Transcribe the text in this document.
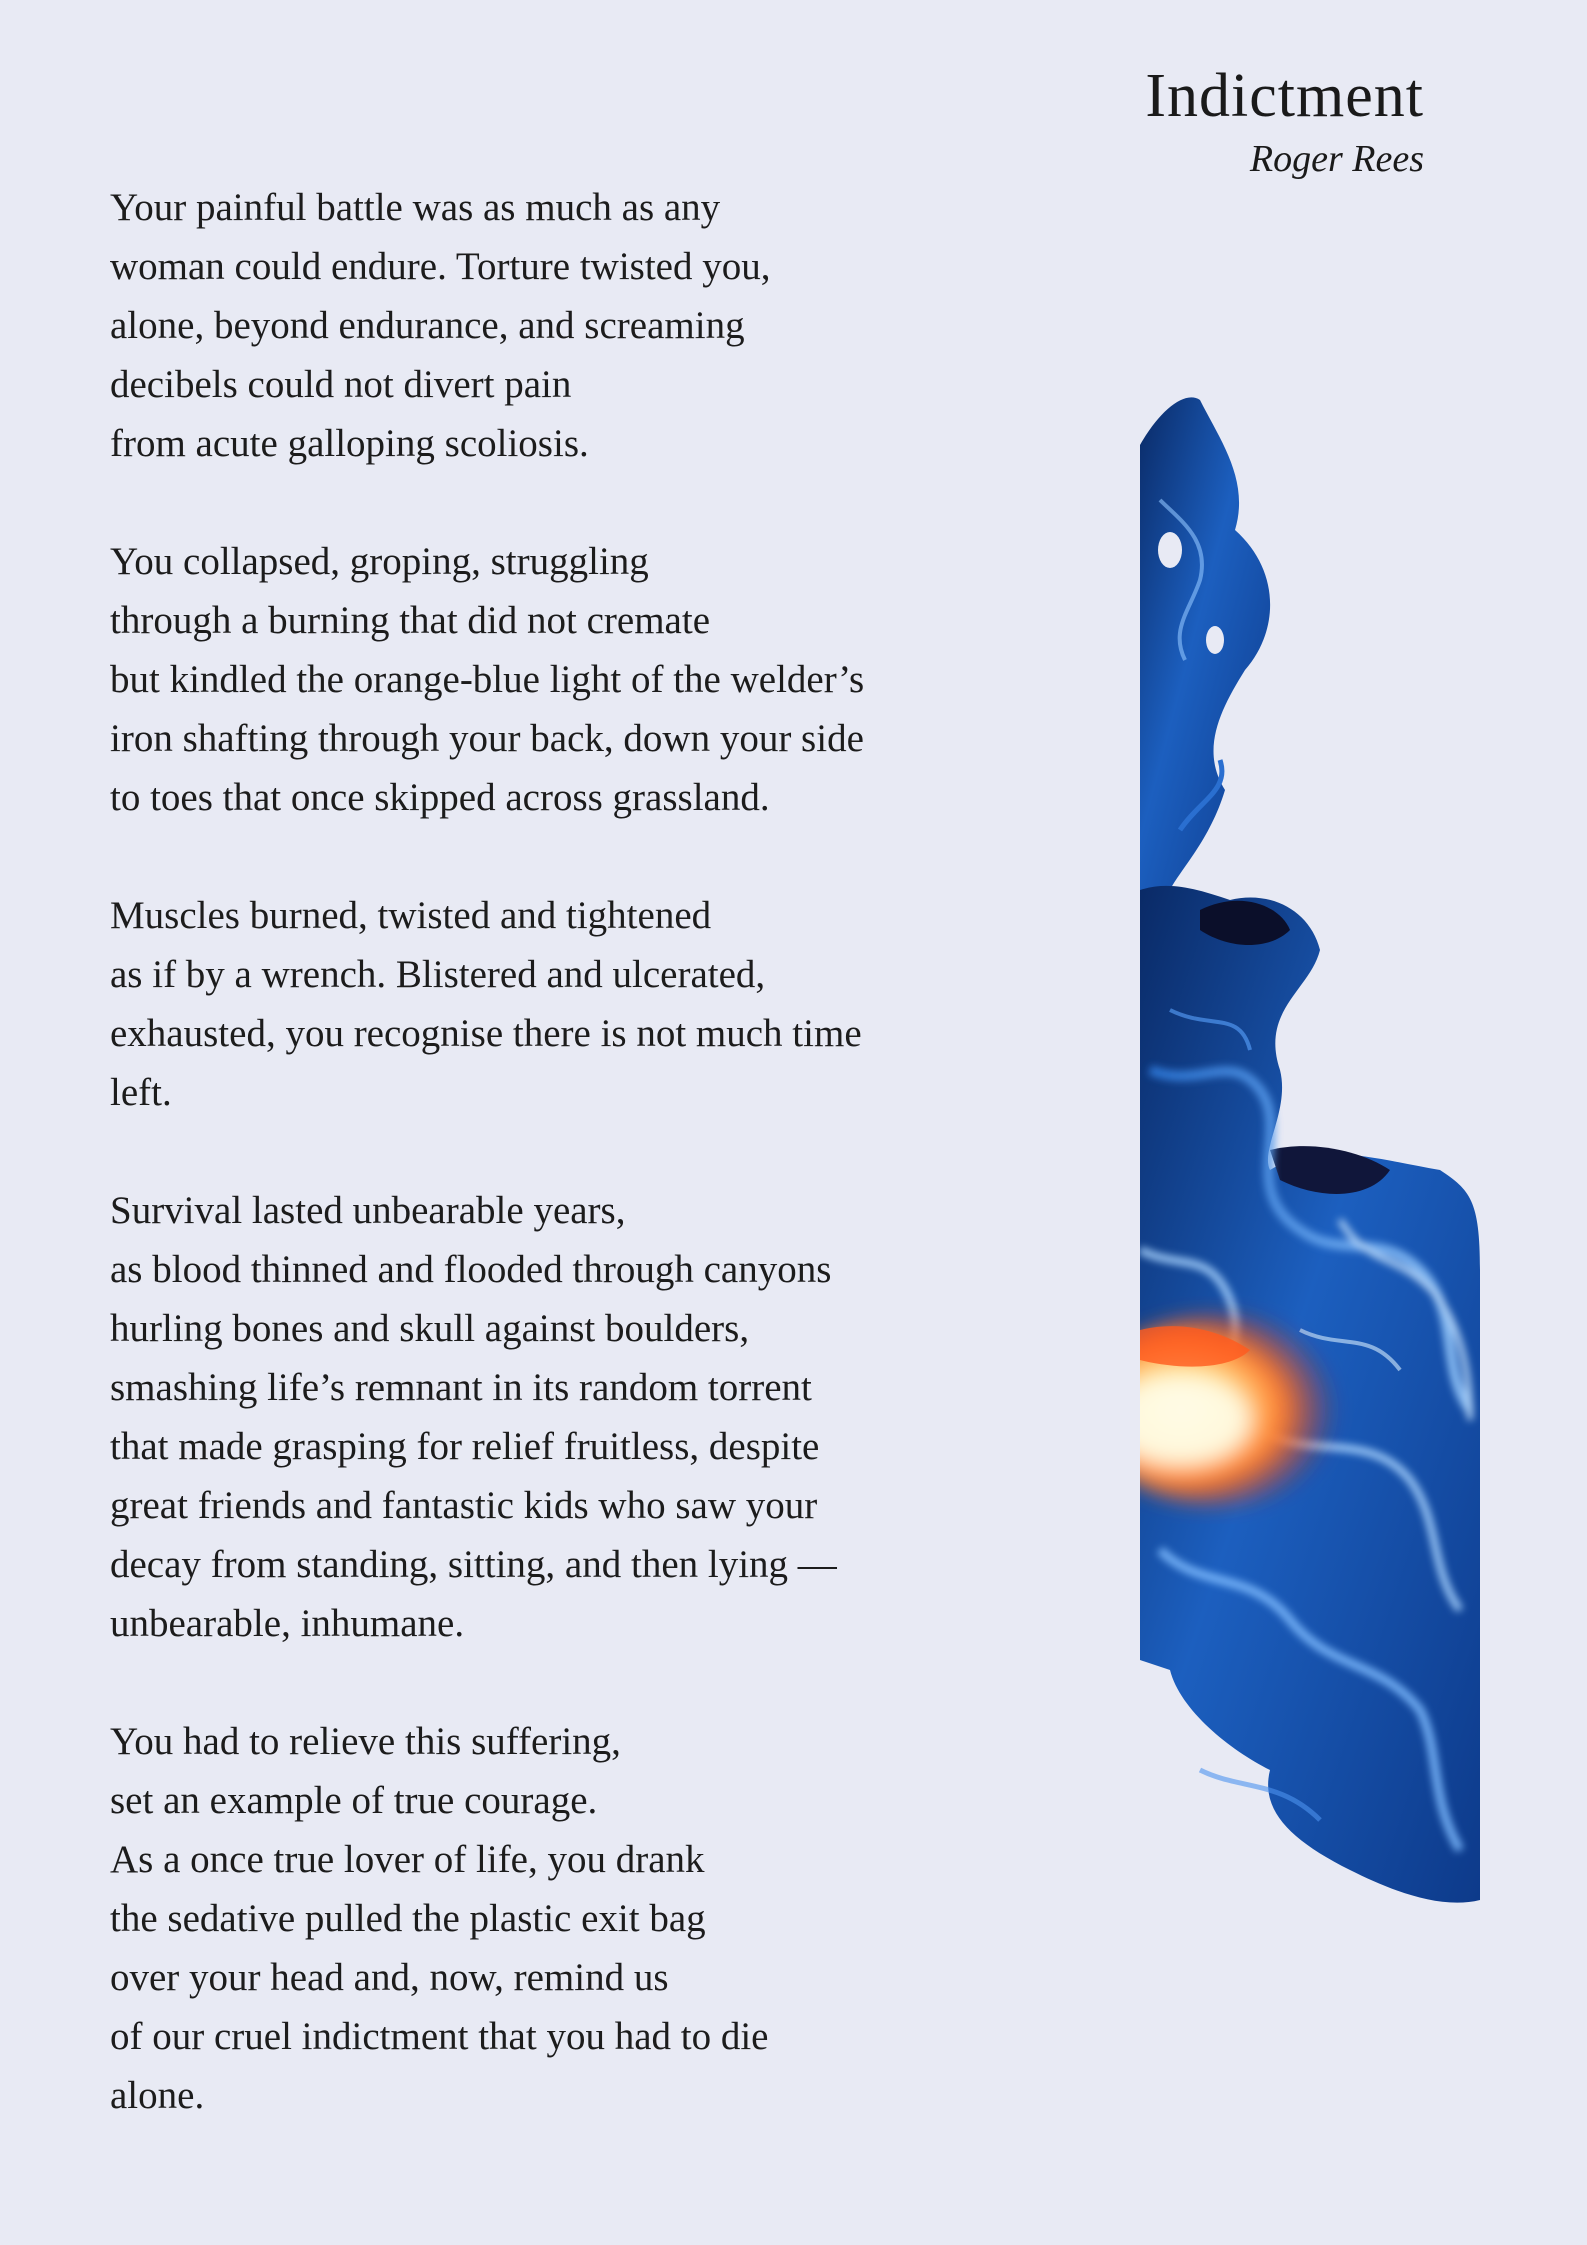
Indictment
Roger Rees
Your painful battle was as much as any
woman could endure. Torture twisted you,
alone, beyond endurance, and screaming
decibels could not divert pain
from acute galloping scoliosis.
You collapsed, groping, struggling
through a burning that did not cremate
but kindled the orange-blue light of the welder’s
iron shafting through your back, down your side
to toes that once skipped across grassland.
Muscles burned, twisted and tightened
as if by a wrench. Blistered and ulcerated,
exhausted, you recognise there is not much time
left.
Survival lasted unbearable years,
as blood thinned and flooded through canyons
hurling bones and skull against boulders,
smashing life’s remnant in its random torrent
that made grasping for relief fruitless, despite
great friends and fantastic kids who saw your
decay from standing, sitting, and then lying —
unbearable, inhumane.
You had to relieve this suffering,
set an example of true courage.
As a once true lover of life, you drank
the sedative pulled the plastic exit bag
over your head and, now, remind us
of our cruel indictment that you had to die
alone.
